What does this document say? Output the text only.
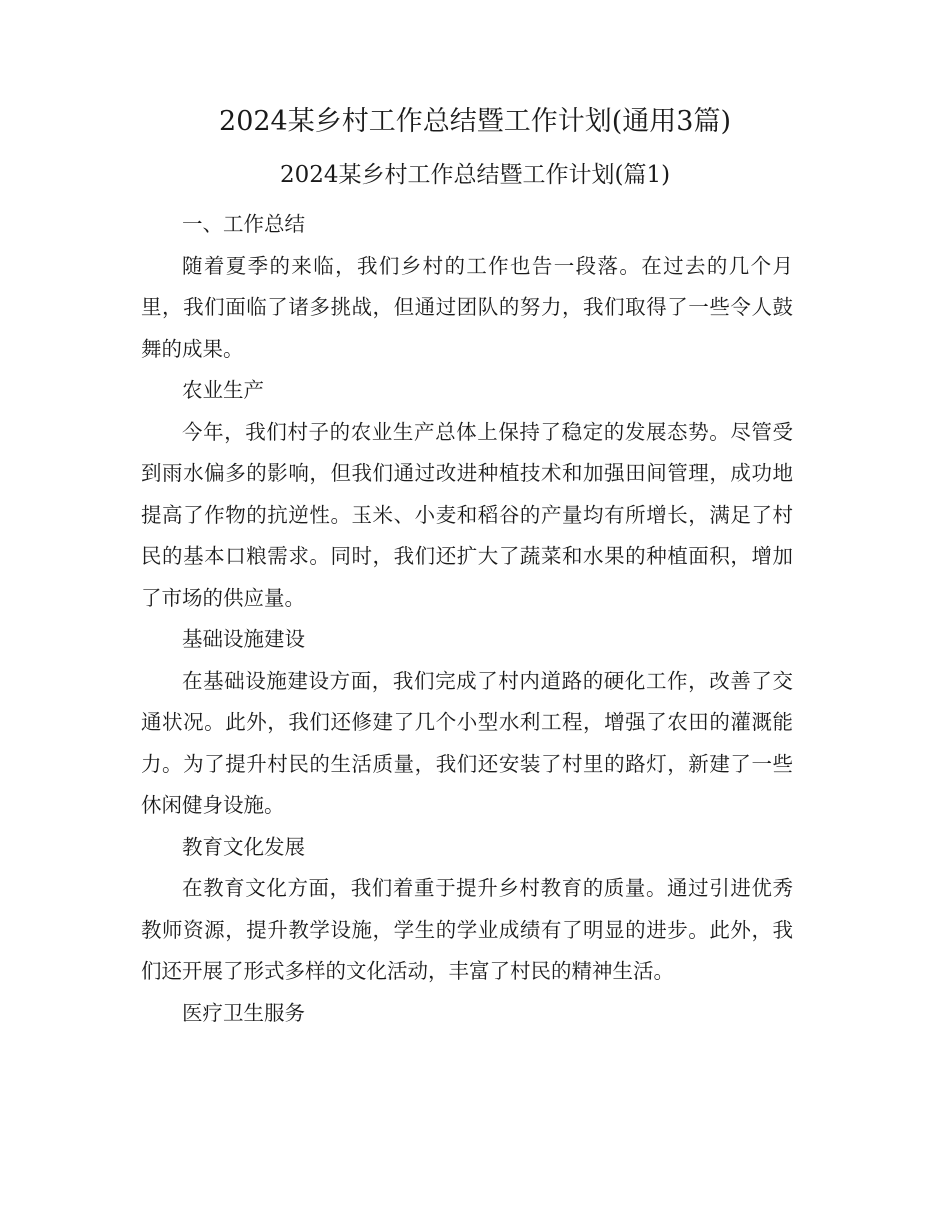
2024某乡村工作总结暨工作计划(通用3篇)
2024某乡村工作总结暨工作计划(篇1)

一、工作总结

随着夏季的来临，我们乡村的工作也告一段落。在过去的几个月里，我们面临了诸多挑战，但通过团队的努力，我们取得了一些令人鼓舞的成果。

农业生产

今年，我们村子的农业生产总体上保持了稳定的发展态势。尽管受到雨水偏多的影响，但我们通过改进种植技术和加强田间管理，成功地提高了作物的抗逆性。玉米、小麦和稻谷的产量均有所增长，满足了村民的基本口粮需求。同时，我们还扩大了蔬菜和水果的种植面积，增加了市场的供应量。

基础设施建设

在基础设施建设方面，我们完成了村内道路的硬化工作，改善了交通状况。此外，我们还修建了几个小型水利工程，增强了农田的灌溉能力。为了提升村民的生活质量，我们还安装了村里的路灯，新建了一些休闲健身设施。

教育文化发展

在教育文化方面，我们着重于提升乡村教育的质量。通过引进优秀教师资源，提升教学设施，学生的学业成绩有了明显的进步。此外，我们还开展了形式多样的文化活动，丰富了村民的精神生活。

医疗卫生服务
